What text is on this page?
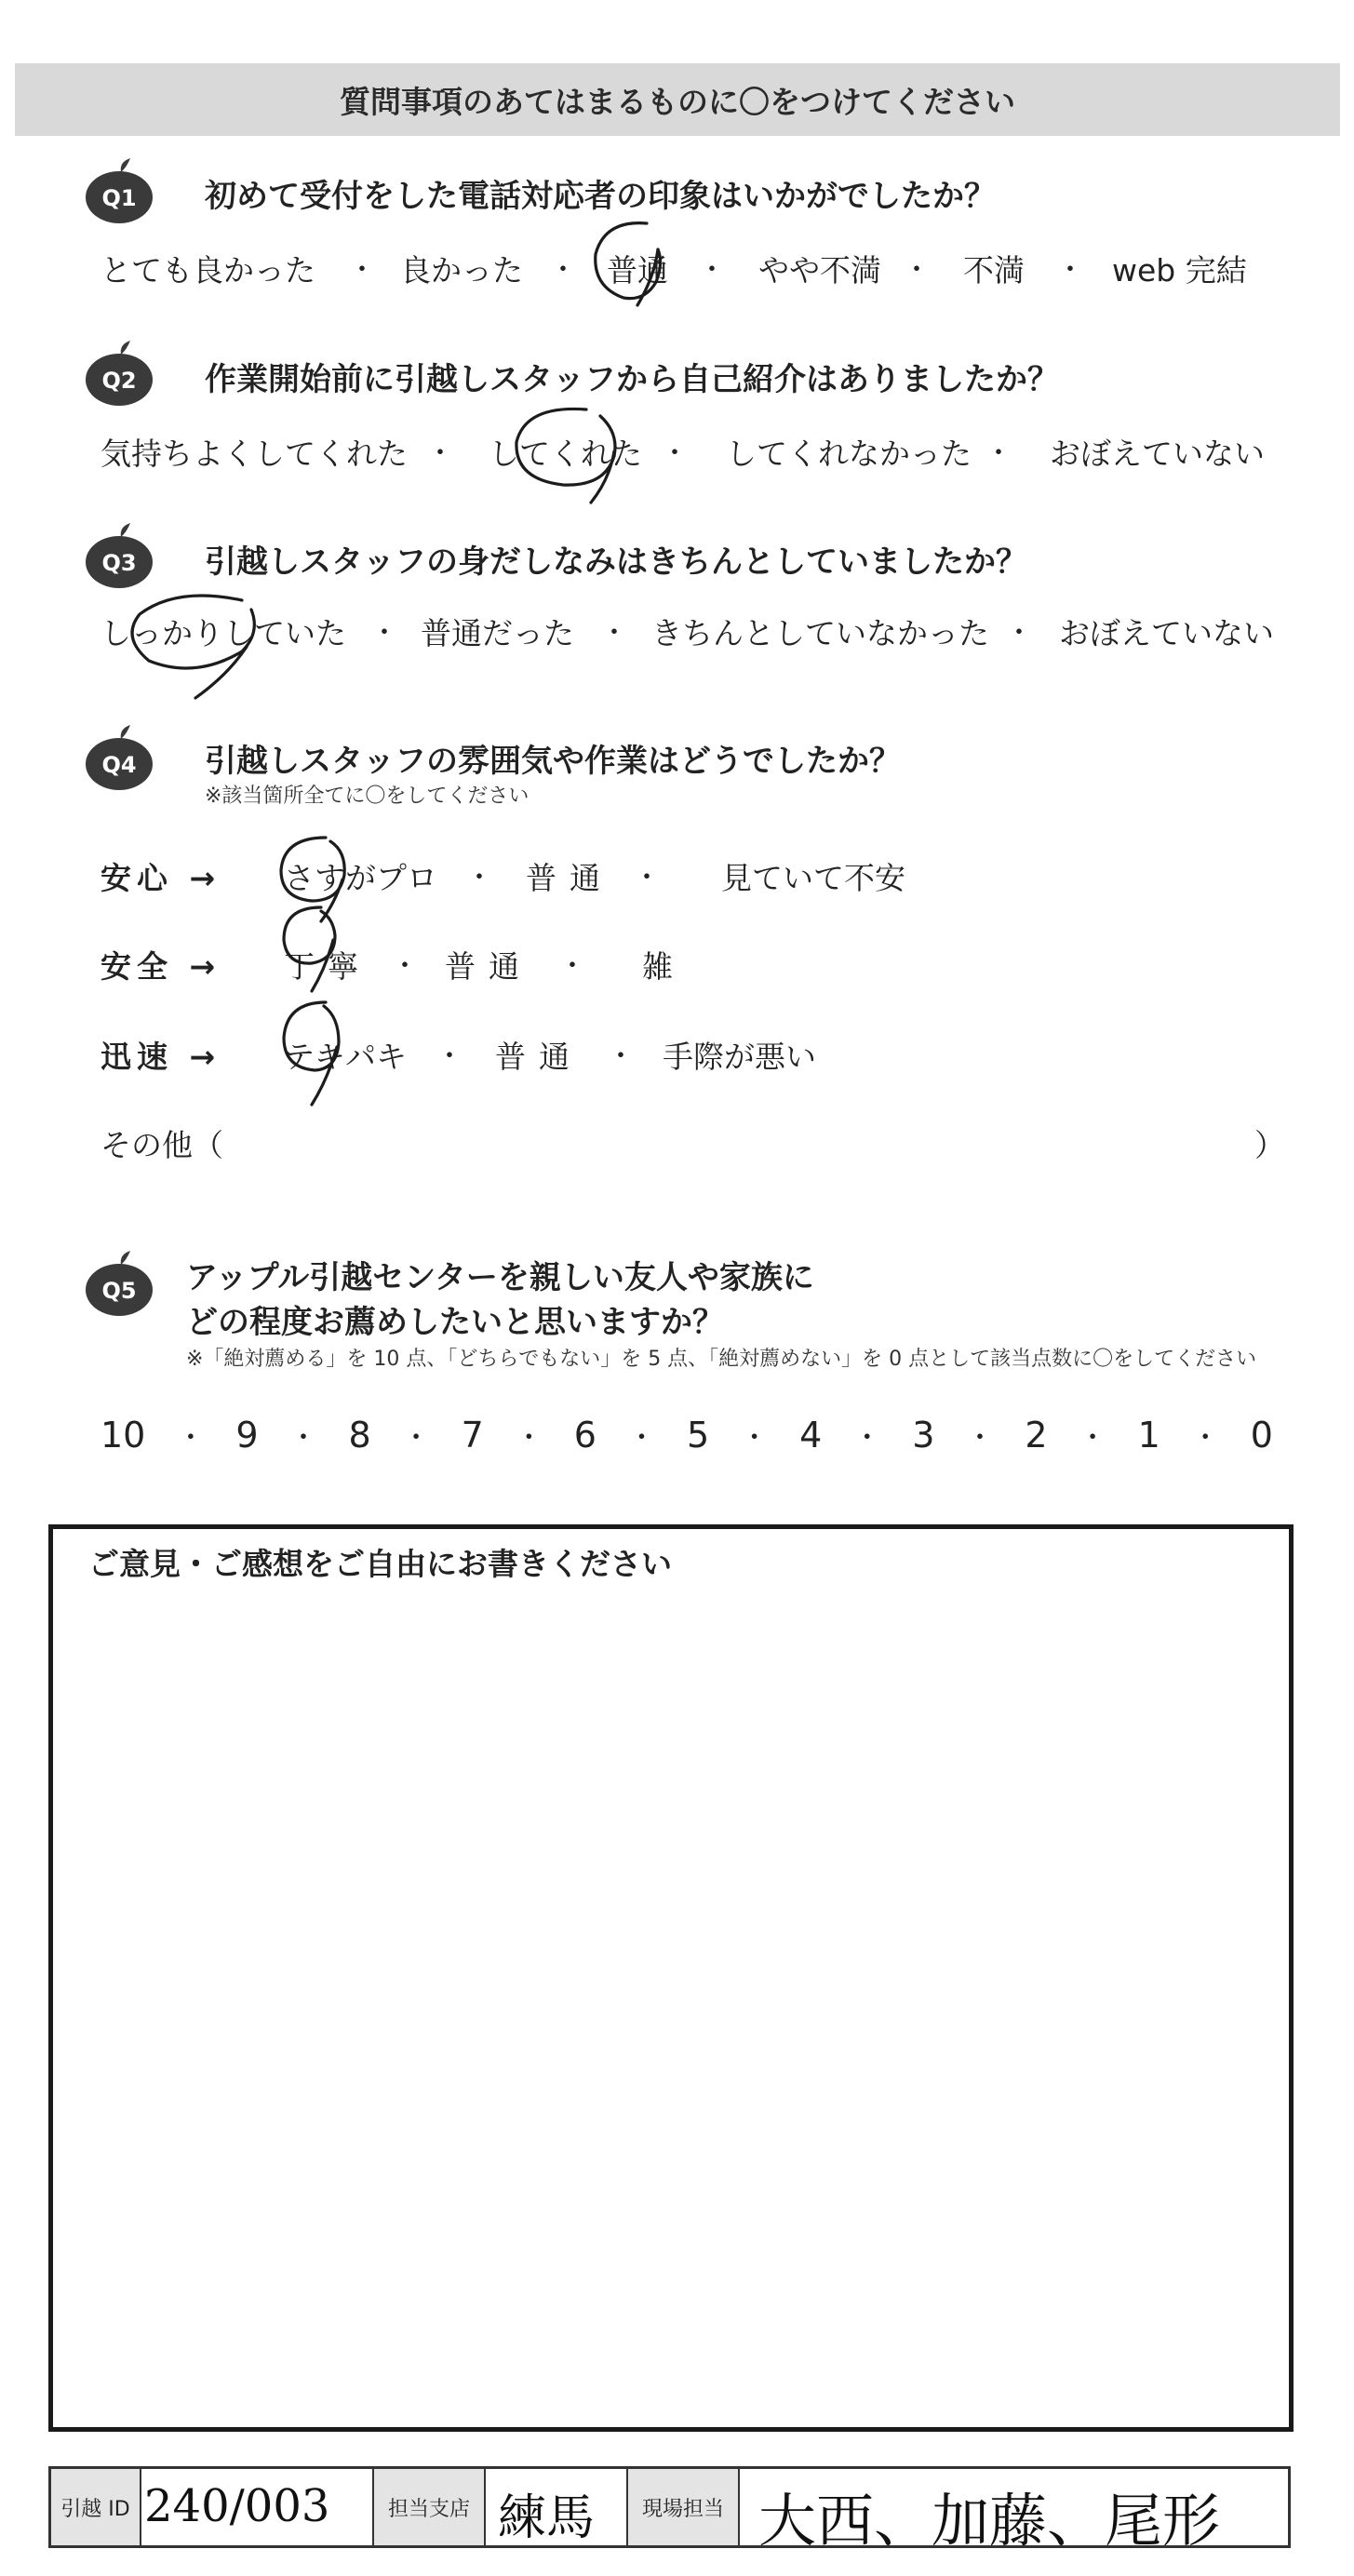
質問事項のあてはまるものに〇をつけてください
Q1 初めて受付をした電話対応者の印象はいかがでしたか？
とても良かった ・ 良かった ・ 普通 ・ やや不満 ・ 不満 ・ web 完結
Q2 作業開始前に引越しスタッフから自己紹介はありましたか？
気持ちよくしてくれた ・ してくれた ・ してくれなかった ・ おぼえていない
Q3 引越しスタッフの身だしなみはきちんとしていましたか？
しっかりしていた ・ 普通だった ・ きちんとしていなかった ・ おぼえていない
Q4 引越しスタッフの雰囲気や作業はどうでしたか？
※該当箇所全てに〇をしてください
安心 → さすがプロ ・ 普通 ・ 見ていて不安
安全 → 丁寧 ・ 普通 ・ 雑
迅速 → テキパキ ・ 普通 ・ 手際が悪い
その他（	）
Q5 アップル引越センターを親しい友人や家族に
どの程度お薦めしたいと思いますか？
※「絶対薦める」を 10 点、「どちらでもない」を 5 点、「絶対薦めない」を 0 点として該当点数に〇をしてください
10 ・ 9 ・ 8 ・ 7 ・ 6 ・ 5 ・ 4 ・ 3 ・ 2 ・ 1 ・ 0
ご意見・ご感想をご自由にお書きください
引越 ID 240/003	担当支店 練馬	現場担当 大西、加藤、尾形
